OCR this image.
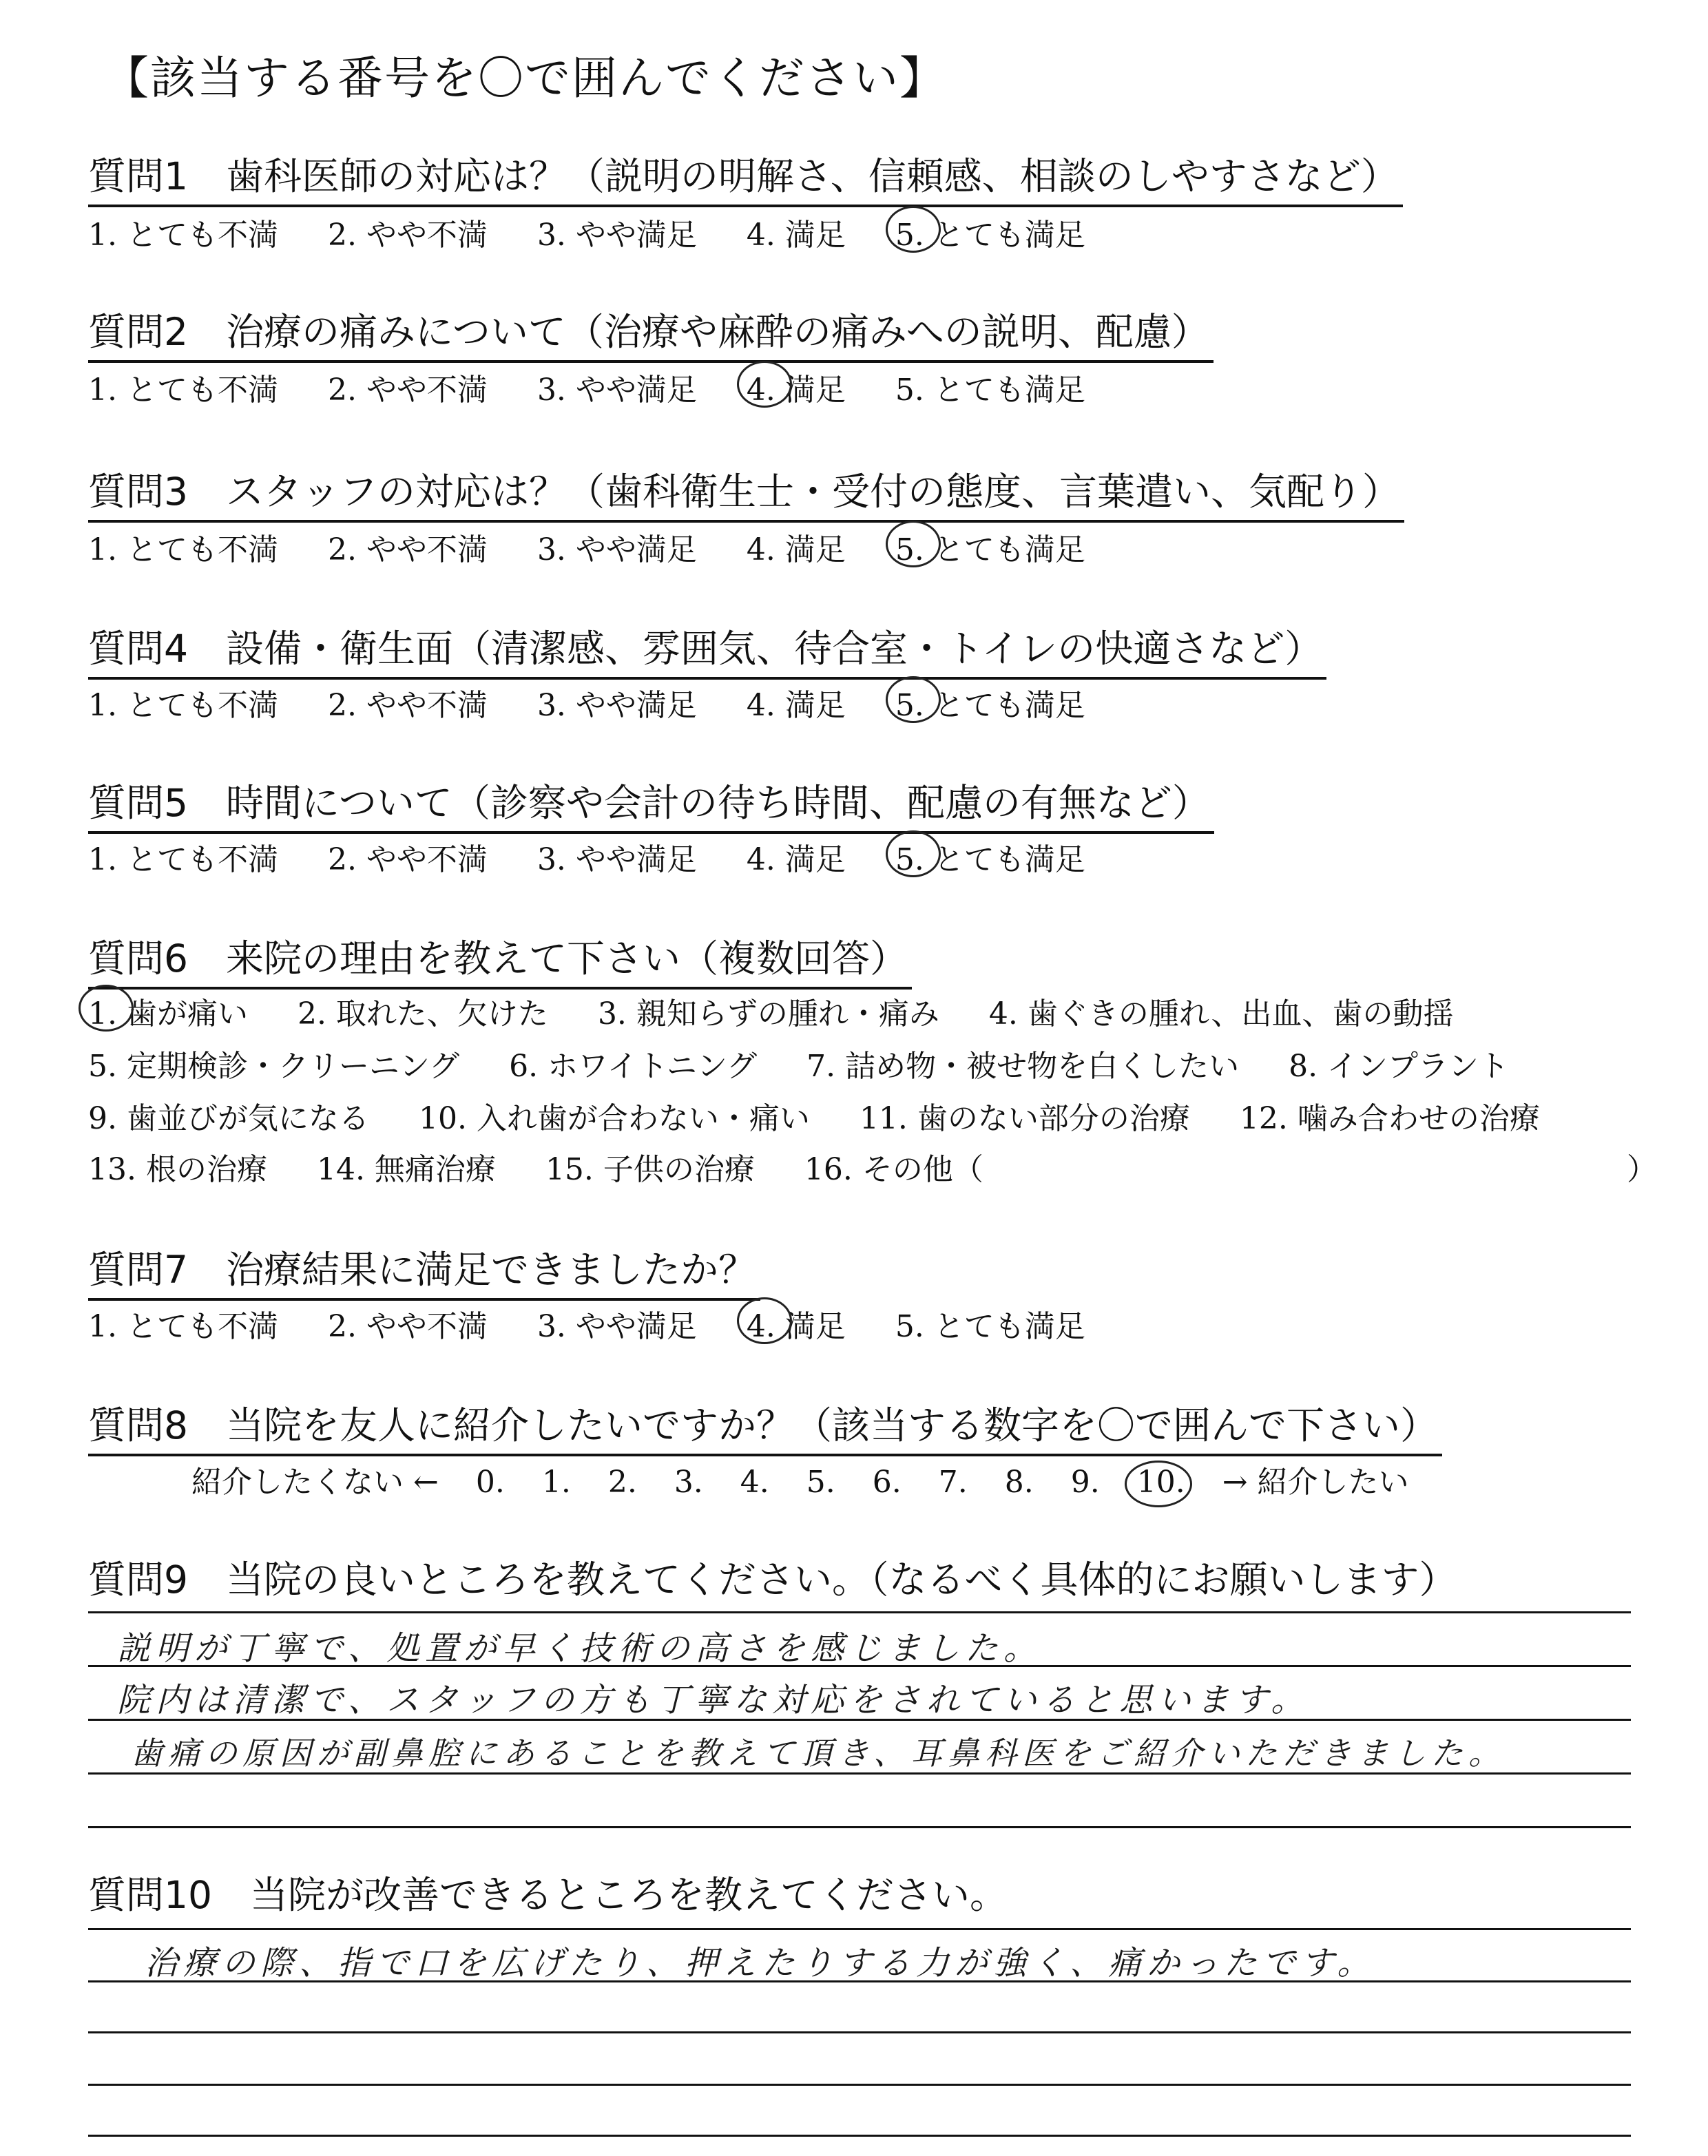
【該当する番号を〇で囲んでください】
質問1　歯科医師の対応は？（説明の明解さ、信頼感、相談のしやすさなど）
1. とても不満 2. やや不満 3. やや満足 4. 満足 5. とても満足
質問2　治療の痛みについて（治療や麻酔の痛みへの説明、配慮）
1. とても不満 2. やや不満 3. やや満足 4. 満足 5. とても満足
質問3　スタッフの対応は？（歯科衛生士・受付の態度、言葉遣い、気配り）
1. とても不満 2. やや不満 3. やや満足 4. 満足 5. とても満足
質問4　設備・衛生面（清潔感、雰囲気、待合室・トイレの快適さなど）
1. とても不満 2. やや不満 3. やや満足 4. 満足 5. とても満足
質問5　時間について（診察や会計の待ち時間、配慮の有無など）
1. とても不満 2. やや不満 3. やや満足 4. 満足 5. とても満足
質問6　来院の理由を教えて下さい（複数回答）
1. 歯が痛い 2. 取れた、欠けた 3. 親知らずの腫れ・痛み 4. 歯ぐきの腫れ、出血、歯の動揺
5. 定期検診・クリーニング 6. ホワイトニング 7. 詰め物・被せ物を白くしたい 8. インプラント
9. 歯並びが気になる 10. 入れ歯が合わない・痛い 11. 歯のない部分の治療 12. 噛み合わせの治療
13. 根の治療 14. 無痛治療 15. 子供の治療 16. その他（	）
質問7　治療結果に満足できましたか？
1. とても不満 2. やや不満 3. やや満足 4. 満足 5. とても満足
質問8　当院を友人に紹介したいですか？（該当する数字を〇で囲んで下さい）
紹介したくない ← 0. 1. 2. 3. 4. 5. 6. 7. 8. 9. 10. → 紹介したい
質問9　当院の良いところを教えてください。（なるべく具体的にお願いします）
説明が丁寧で、処置が早く技術の高さを感じました。
院内は清潔で、スタッフの方も丁寧な対応をされていると思います。
歯痛の原因が副鼻腔にあることを教えて頂き、耳鼻科医をご紹介いただきました。
質問10　当院が改善できるところを教えてください。
治療の際、指で口を広げたり、押えたりする力が強く、痛かったです。
